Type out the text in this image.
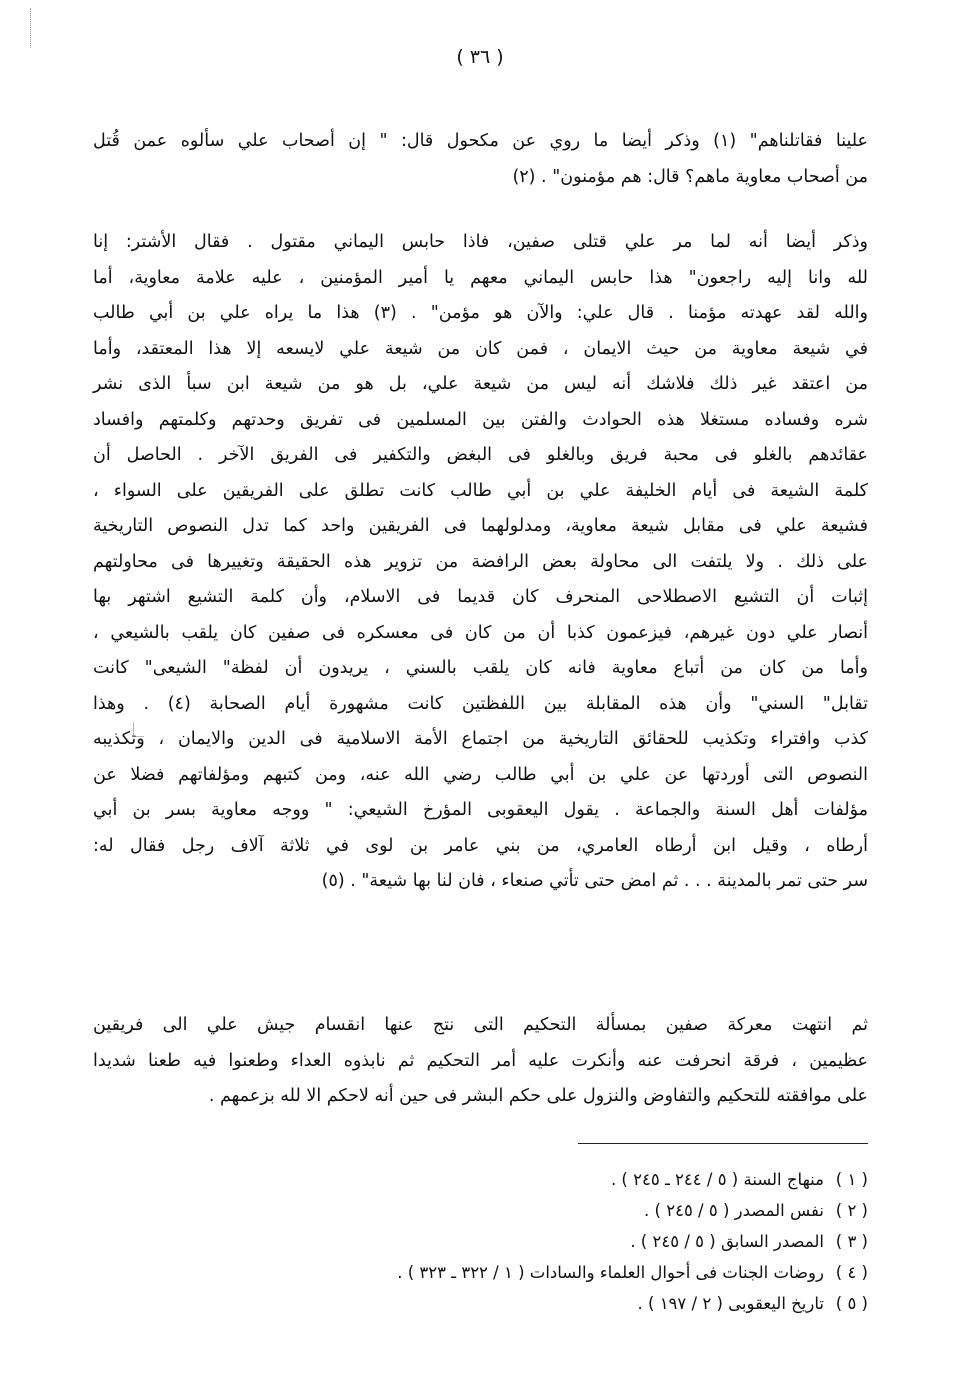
( ٣٦ )
علينا فقاتلناهم" (١) وذكر أيضا ما روي عن مكحول قال: " إن أصحاب علي سألوه عمن قُتل
من أصحاب معاوية ماهم؟ قال: هم مؤمنون" . (٢)
وذكر أيضا أنه لما مر علي قتلى صفين، فاذا حابس اليماني مقتول . فقال الأشتر: إنا
لله وانا إليه راجعون" هذا حابس اليماني معهم يا أمير المؤمنين ، عليه علامة معاوية، أما
والله لقد عهدته مؤمنا . قال علي: والآن هو مؤمن" . (٣) هذا ما يراه علي بن أبي طالب
في شيعة معاوية من حيث الايمان ، فمن كان من شيعة علي لايسعه إلا هذا المعتقد، وأما
من اعتقد غير ذلك فلاشك أنه ليس من شيعة علي، بل هو من شيعة ابن سبأ الذى نشر
شره وفساده مستغلا هذه الحوادث والفتن بين المسلمين فى تفريق وحدتهم وكلمتهم وافساد
عقائدهم بالغلو فى محبة فريق وبالغلو فى البغض والتكفير فى الفريق الآخر . الحاصل أن
كلمة الشيعة فى أيام الخليفة علي بن أبي طالب كانت تطلق على الفريقين على السواء ،
فشيعة علي فى مقابل شيعة معاوية، ومدلولهما فى الفريقين واحد كما تدل النصوص التاريخية
على ذلك . ولا يلتفت الى محاولة بعض الرافضة من تزوير هذه الحقيقة وتغييرها فى محاولتهم
إثبات أن التشيع الاصطلاحى المنحرف كان قديما فى الاسلام، وأن كلمة التشيع اشتهر بها
أنصار علي دون غيرهم، فيزعمون كذبا أن من كان فى معسكره فى صفين كان يلقب بالشيعي ،
وأما من كان من أتباع معاوية فانه كان يلقب بالسني ، يريدون أن لفظة" الشيعى" كانت
تقابل" السني" وأن هذه المقابلة بين اللفظتين كانت مشهورة أيام الصحابة (٤) . وهذا
كذب وافتراء وتكذيب للحقائق التاريخية من اجتماع الأمة الاسلامية فى الدين والايمان ، وتكذيبه
النصوص التى أوردتها عن علي بن أبي طالب رضي الله عنه، ومن كتبهم ومؤلفاتهم فضلا عن
مؤلفات أهل السنة والجماعة . يقول اليعقوبى المؤرخ الشيعي: " ووجه معاوية بسر بن أبي
أرطاه ، وقيل ابن أرطاه العامري، من بني عامر بن لوى في ثلاثة آلاف رجل فقال له:
سر حتى تمر بالمدينة . . . ثم امض حتى تأتي صنعاء ، فان لنا بها شيعة" . (٥)
ثم انتهت معركة صفين بمسألة التحكيم التى نتج عنها انقسام جيش علي الى فريقين
عظيمين ، فرقة انحرفت عنه وأنكرت عليه أمر التحكيم ثم نابذوه العداء وطعنوا فيه طعنا شديدا
على موافقته للتحكيم والتفاوض والنزول على حكم البشر فى حين أنه لاحكم الا لله بزعمهم .
( ١ )
منهاج السنة ( ٥ / ٢٤٤ ـ ٢٤٥ ) .
( ٢ )
نفس المصدر ( ٥ / ٢٤٥ ) .
( ٣ )
المصدر السابق ( ٥ / ٢٤٥ ) .
( ٤ )
روضات الجنات فى أحوال العلماء والسادات ( ١ / ٣٢٢ ـ ٣٢٣ ) .
( ٥ )
تاريخ اليعقوبى ( ٢ / ١٩٧ ) .
